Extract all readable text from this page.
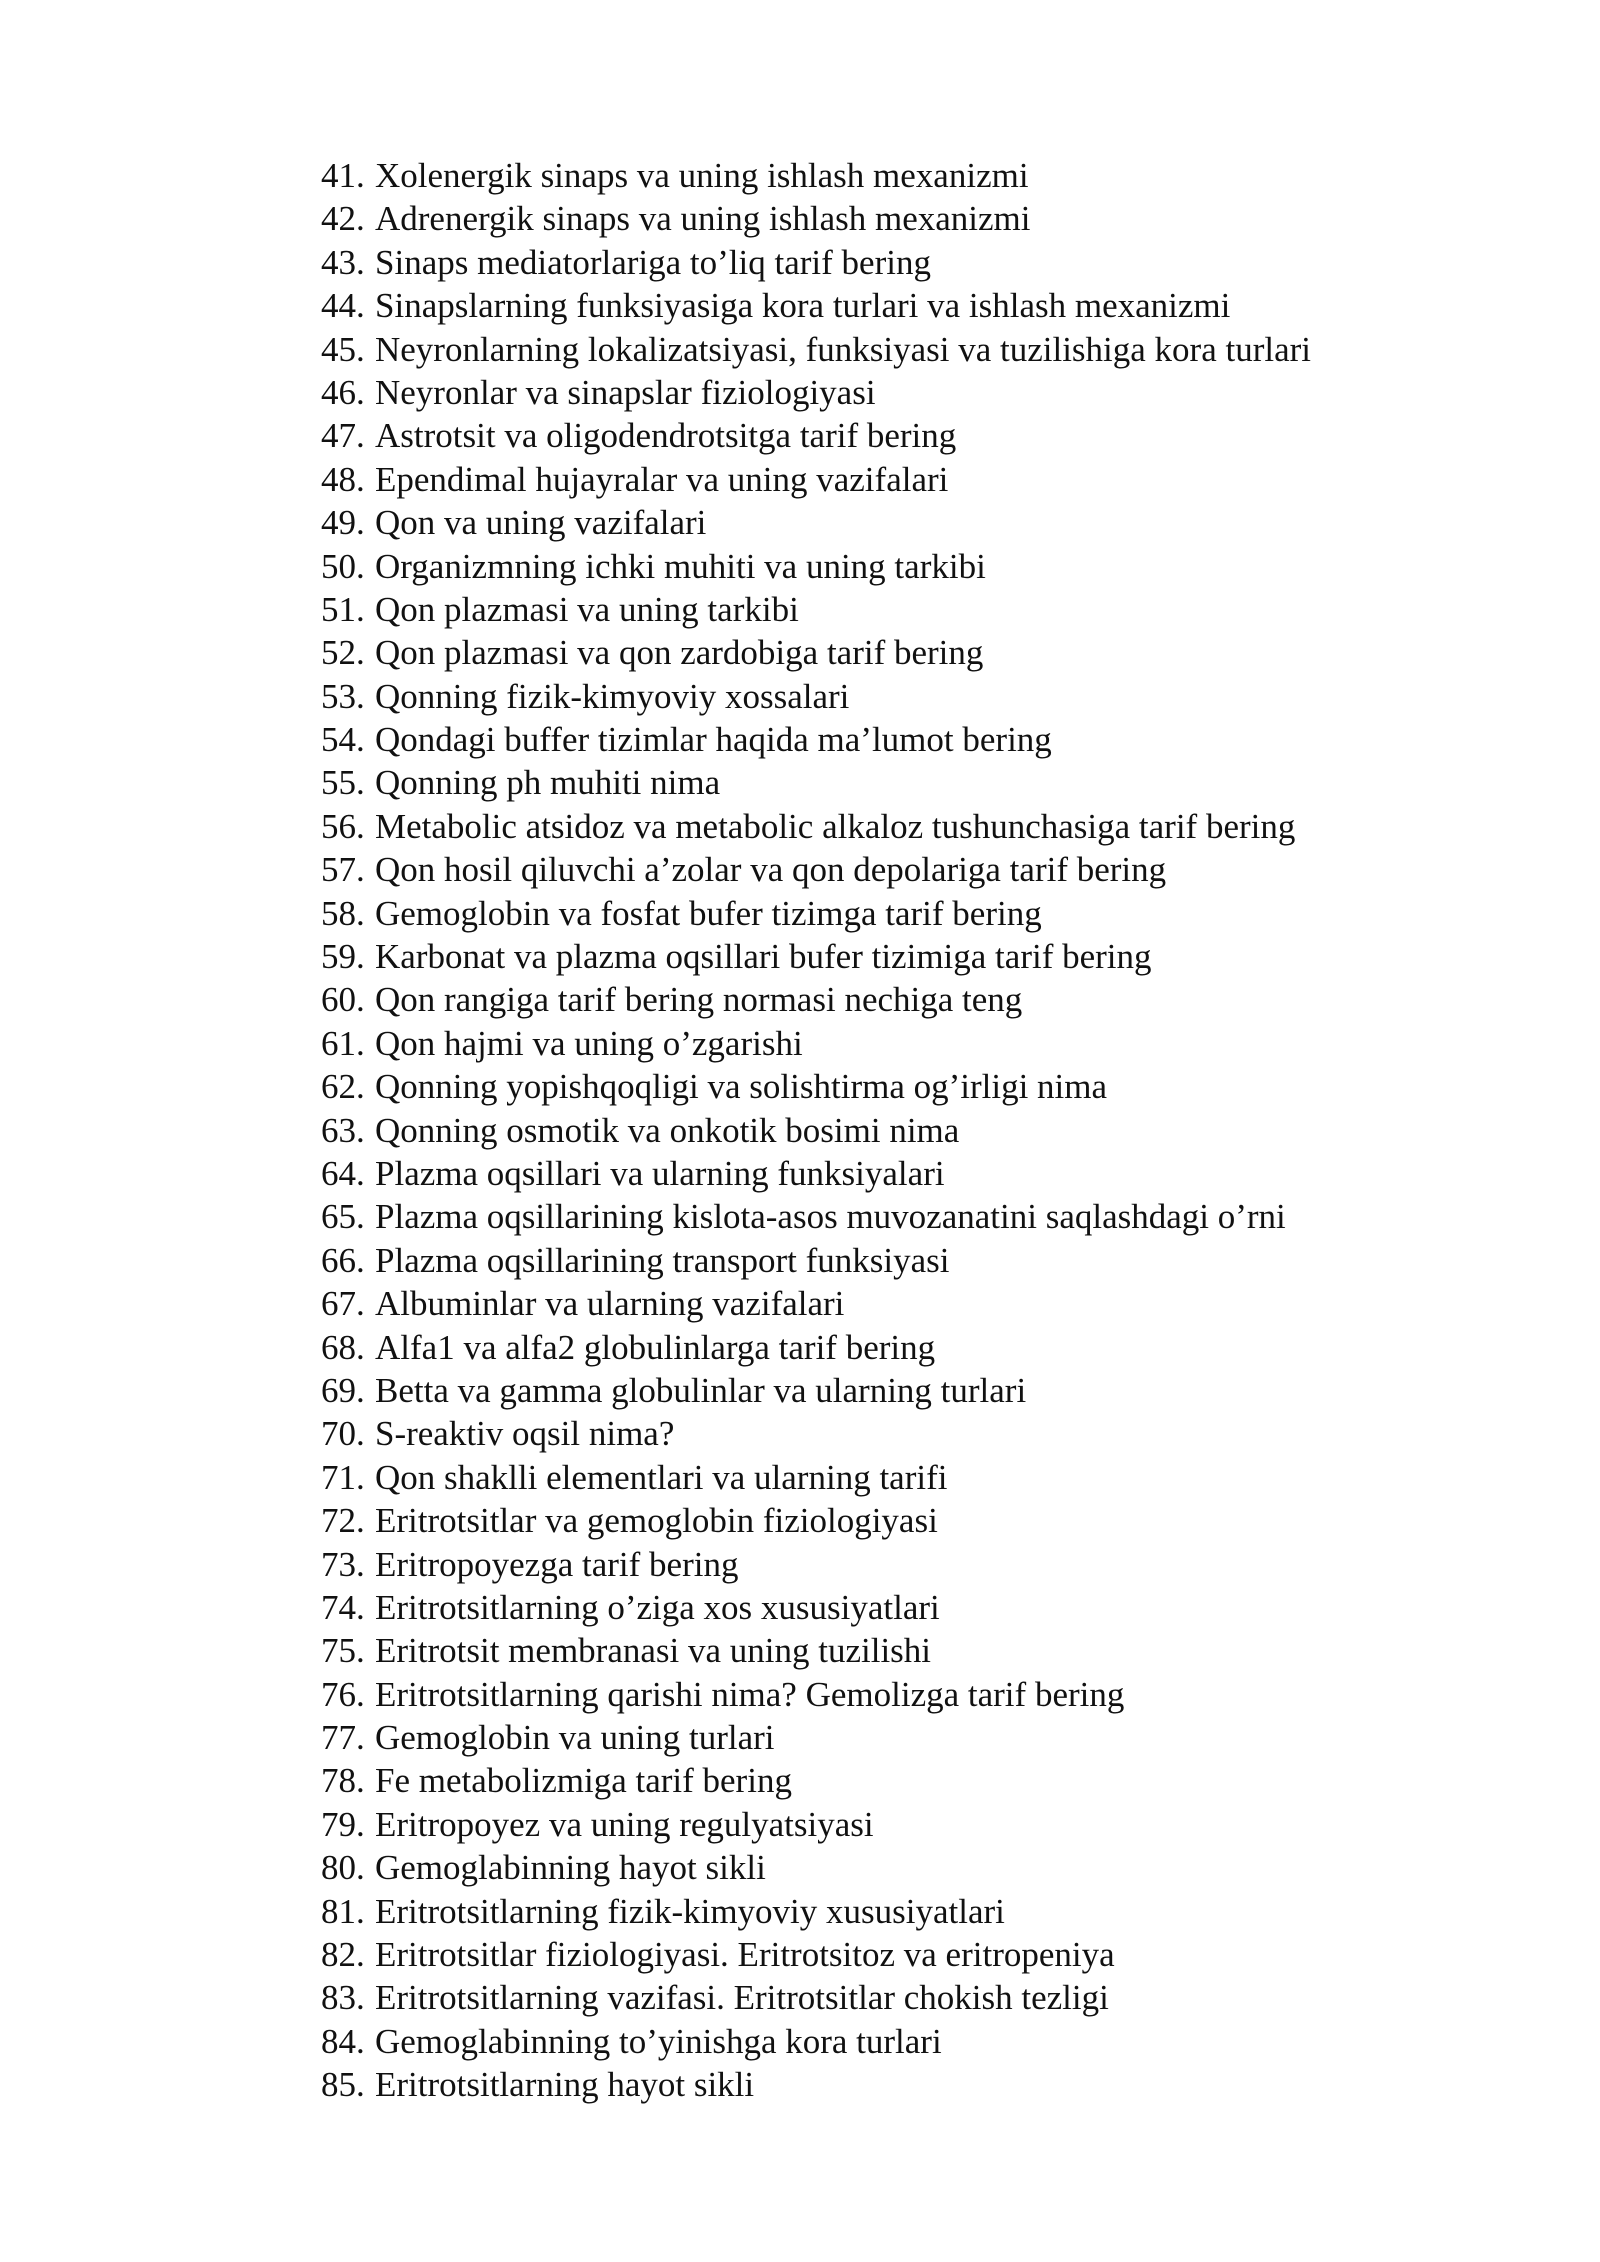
41. Xolenergik sinaps va uning ishlash mexanizmi
42. Adrenergik sinaps va uning ishlash mexanizmi
43. Sinaps mediatorlariga to’liq tarif bering
44. Sinapslarning funksiyasiga kora turlari va ishlash mexanizmi
45. Neyronlarning lokalizatsiyasi, funksiyasi va tuzilishiga kora turlari
46. Neyronlar va sinapslar fiziologiyasi
47. Astrotsit va oligodendrotsitga tarif bering
48. Ependimal hujayralar va uning vazifalari
49. Qon va uning vazifalari
50. Organizmning ichki muhiti va uning tarkibi
51. Qon plazmasi va uning tarkibi
52. Qon plazmasi va qon zardobiga tarif bering
53. Qonning fizik-kimyoviy xossalari
54. Qondagi buffer tizimlar haqida ma’lumot bering
55. Qonning ph muhiti nima
56. Metabolic atsidoz va metabolic alkaloz tushunchasiga tarif bering
57. Qon hosil qiluvchi a’zolar va qon depolariga tarif bering
58. Gemoglobin va fosfat bufer tizimga tarif bering
59. Karbonat va plazma oqsillari bufer tizimiga tarif bering
60. Qon rangiga tarif bering normasi nechiga teng
61. Qon hajmi va uning o’zgarishi
62. Qonning yopishqoqligi va solishtirma og’irligi nima
63. Qonning osmotik va onkotik bosimi nima
64. Plazma oqsillari va ularning funksiyalari
65. Plazma oqsillarining kislota-asos muvozanatini saqlashdagi o’rni
66. Plazma oqsillarining transport funksiyasi
67. Albuminlar va ularning vazifalari
68. Alfa1 va alfa2 globulinlarga tarif bering
69. Betta va gamma globulinlar va ularning turlari
70. S-reaktiv oqsil nima?
71. Qon shaklli elementlari va ularning tarifi
72. Eritrotsitlar va gemoglobin fiziologiyasi
73. Eritropoyezga tarif bering
74. Eritrotsitlarning o’ziga xos xususiyatlari
75. Eritrotsit membranasi va uning tuzilishi
76. Eritrotsitlarning qarishi nima? Gemolizga tarif bering
77. Gemoglobin va uning turlari
78. Fe metabolizmiga tarif bering
79. Eritropoyez va uning regulyatsiyasi
80. Gemoglabinning hayot sikli
81. Eritrotsitlarning fizik-kimyoviy xususiyatlari
82. Eritrotsitlar fiziologiyasi. Eritrotsitoz va eritropeniya
83. Eritrotsitlarning vazifasi. Eritrotsitlar chokish tezligi
84. Gemoglabinning to’yinishga kora turlari
85. Eritrotsitlarning hayot sikli
